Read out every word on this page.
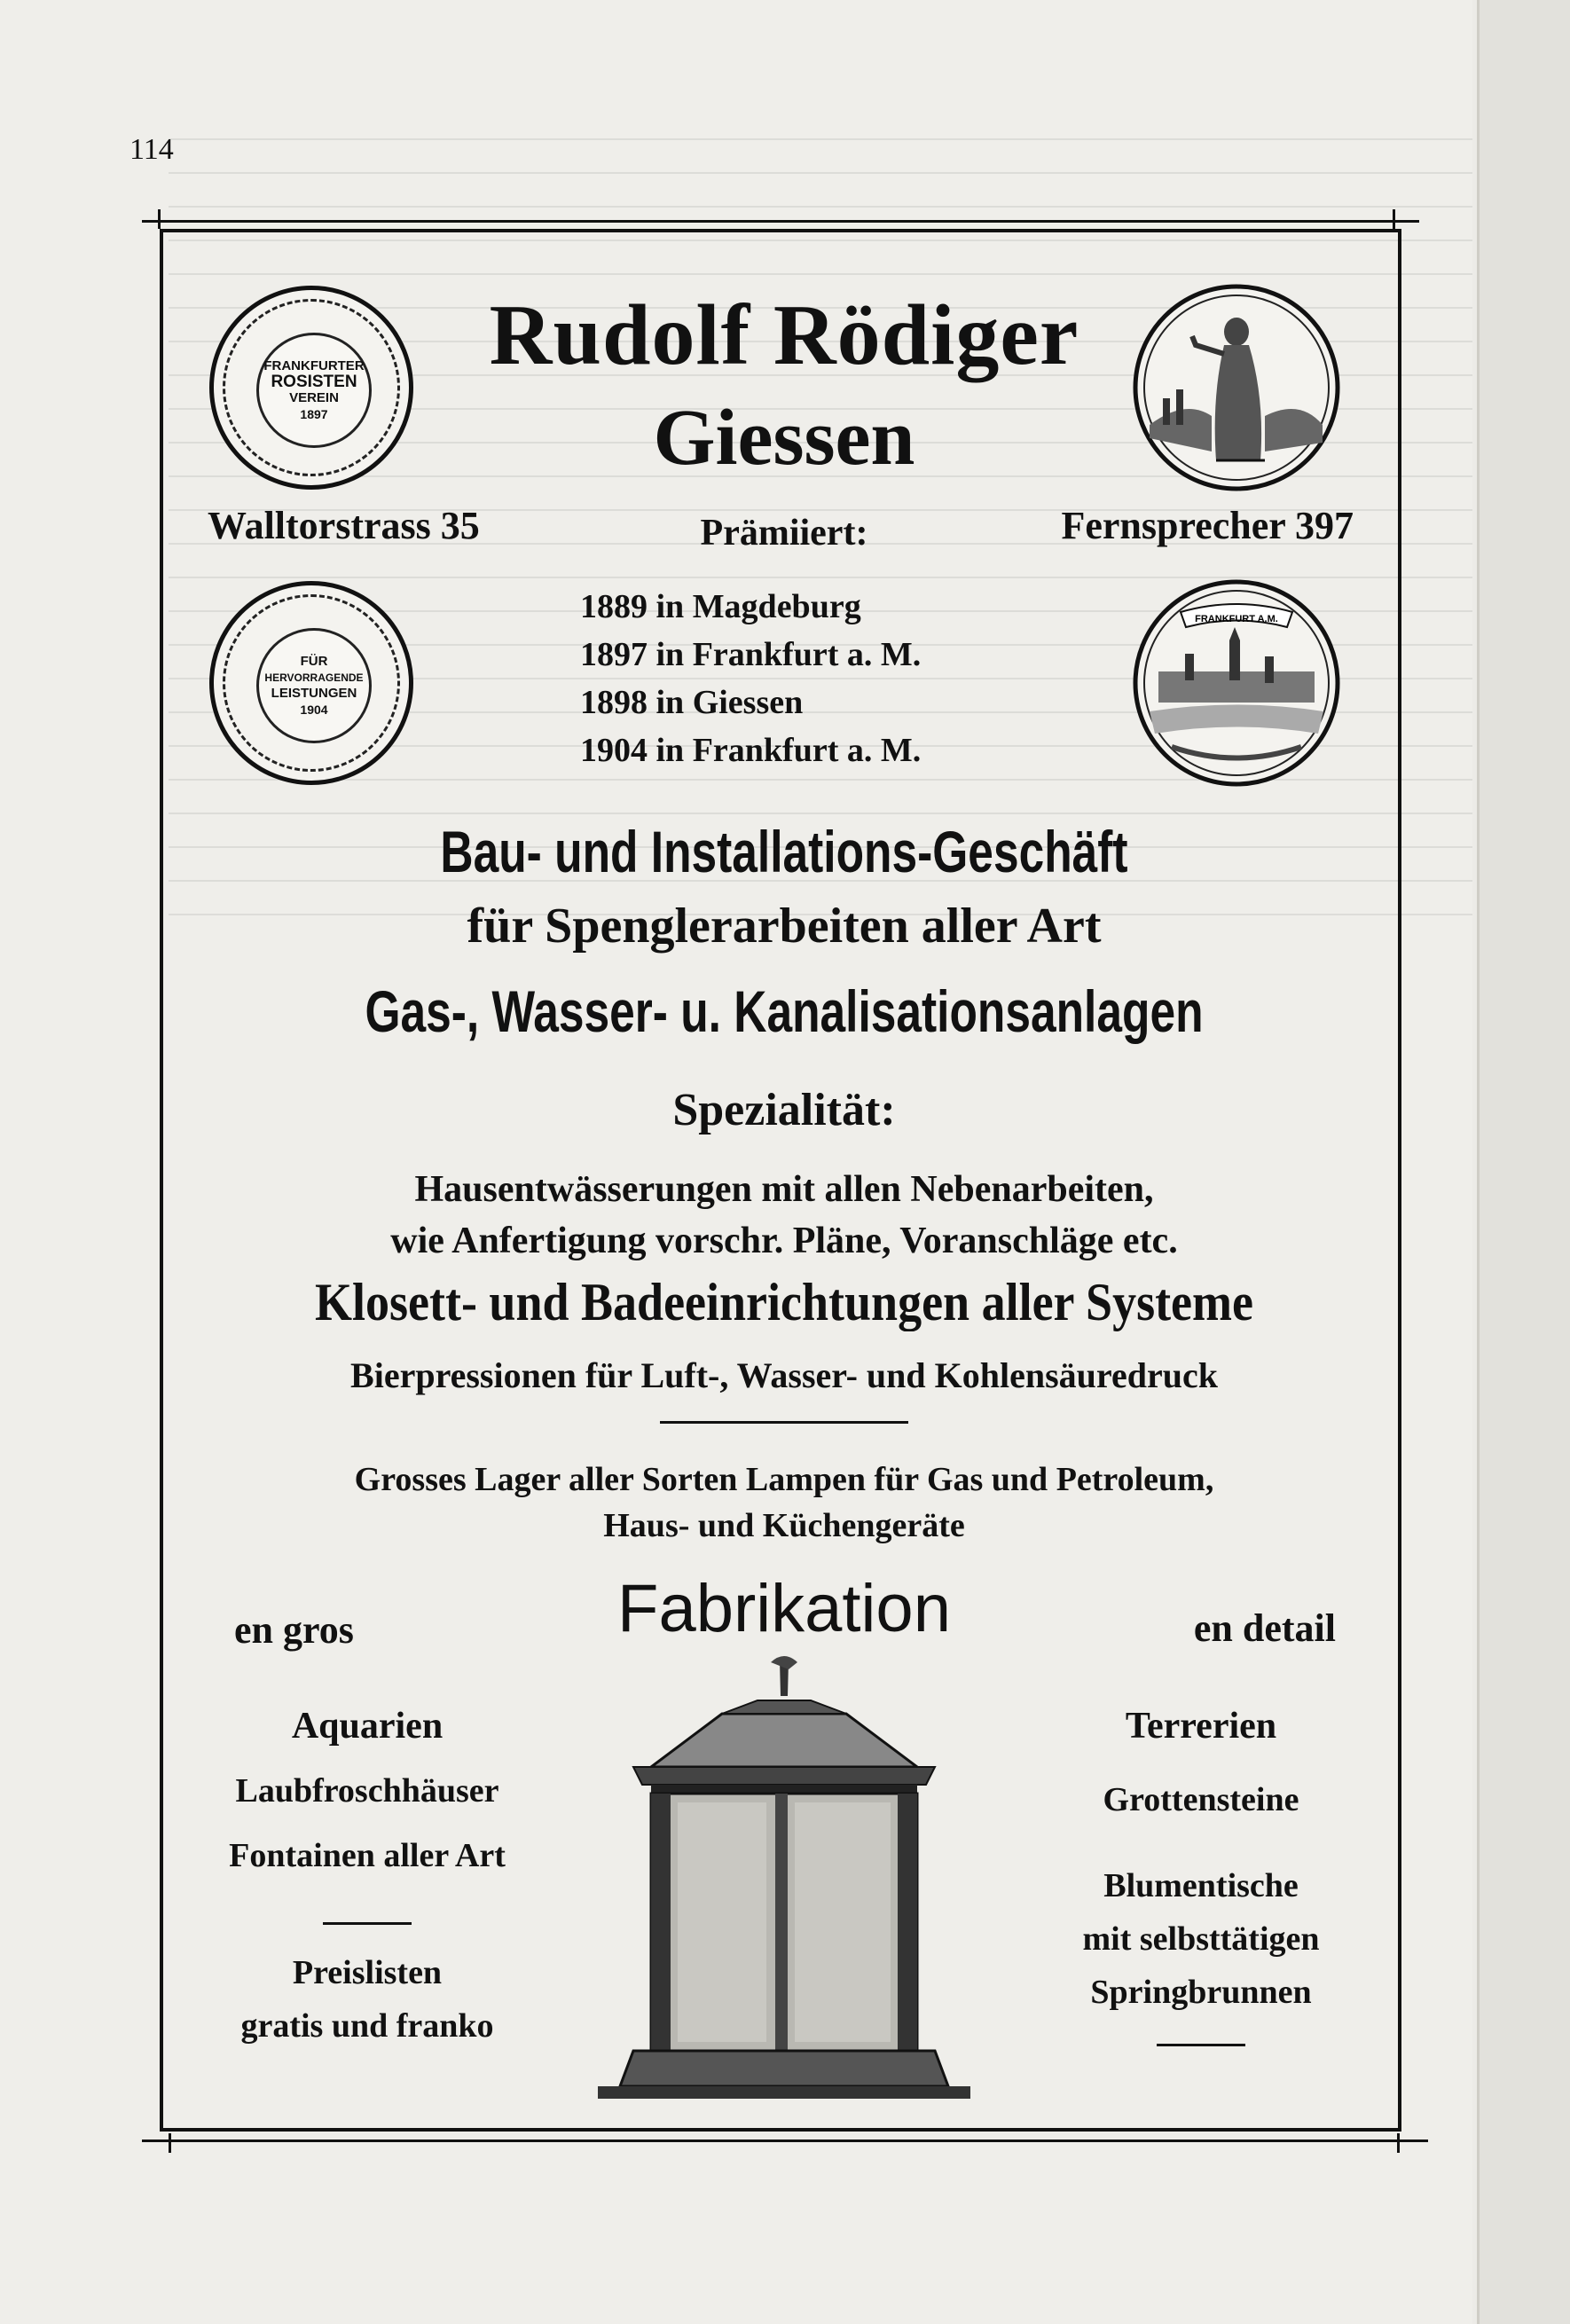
114
FRANKFURTER
ROSISTEN
VEREIN
1897
FÜR
HERVORRAGENDE
LEISTUNGEN
1904
FRANKFURT A.M.
Rudolf Rödiger
Giessen
Walltorstrass 35	Fernsprecher 397
Prämiiert:
1889 in Magdeburg
1897 in Frankfurt a. M.
1898 in Giessen
1904 in Frankfurt a. M.
Bau- und Installations-Geschäft
für Spenglerarbeiten aller Art
Gas-, Wasser- u. Kanalisationsanlagen
Spezialität:
Hausentwässerungen mit allen Nebenarbeiten,
wie Anfertigung vorschr. Pläne, Voranschläge etc.
Klosett- und Badeeinrichtungen aller Systeme
Bierpressionen für Luft-, Wasser- und Kohlensäuredruck
Grosses Lager aller Sorten Lampen für Gas und Petroleum,
Haus- und Küchengeräte
en gros	Fabrikation	en detail
Aquarien
Laubfroschhäuser
Fontainen aller Art
Preislisten
gratis und franko
Terrerien
Grottensteine
Blumentische
mit selbsttätigen
Springbrunnen
